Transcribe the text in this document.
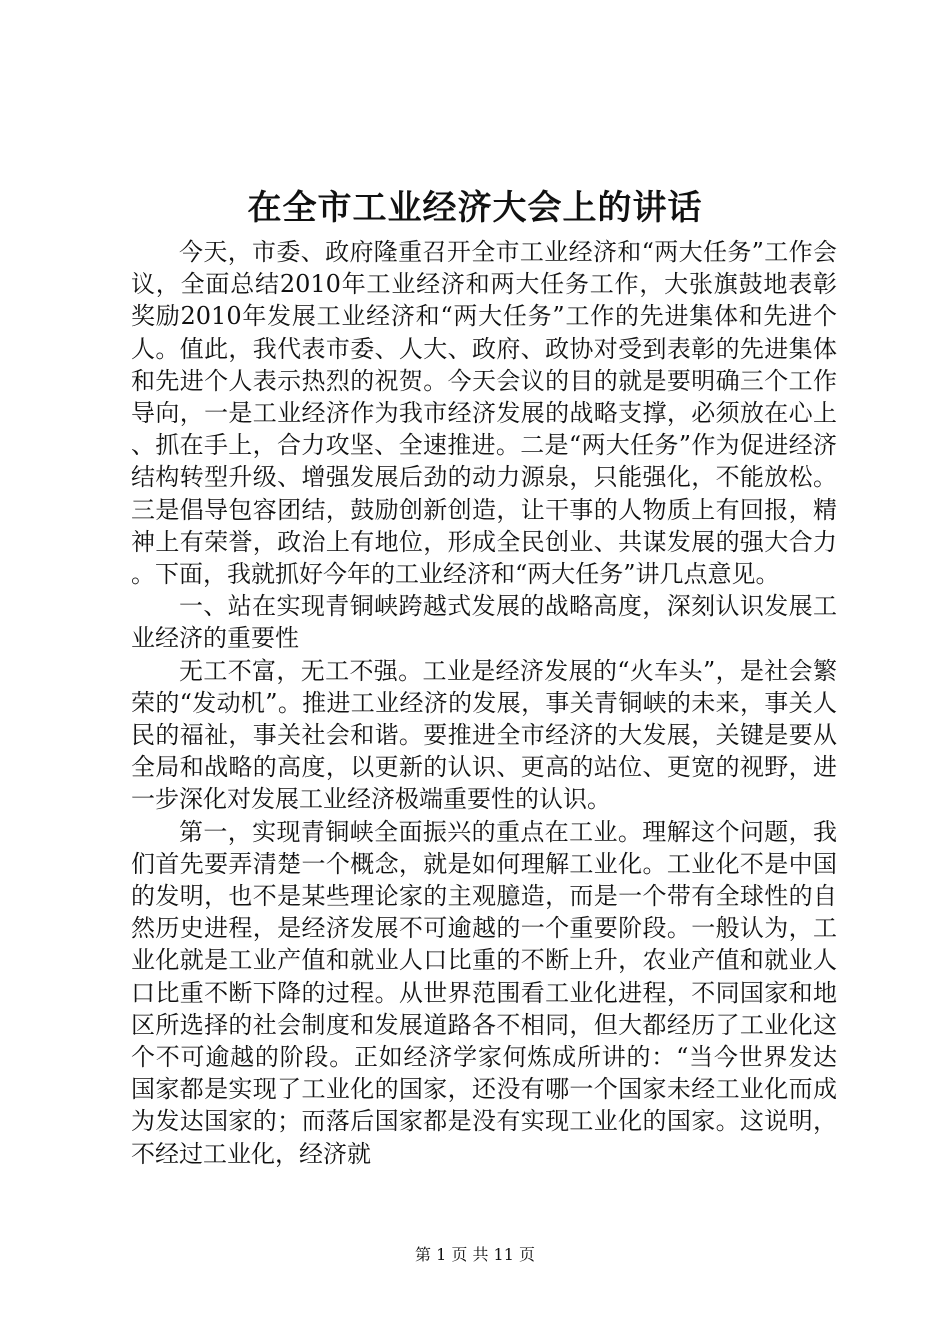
在全市工业经济大会上的讲话

今天，市委、政府隆重召开全市工业经济和“两大任务”工作会议，全面总结2010年工业经济和两大任务工作，大张旗鼓地表彰奖励2010年发展工业经济和“两大任务”工作的先进集体和先进个人。值此，我代表市委、人大、政府、政协对受到表彰的先进集体和先进个人表示热烈的祝贺。今天会议的目的就是要明确三个工作导向，一是工业经济作为我市经济发展的战略支撑，必须放在心上、抓在手上，合力攻坚、全速推进。二是“两大任务”作为促进经济结构转型升级、增强发展后劲的动力源泉，只能强化，不能放松。三是倡导包容团结，鼓励创新创造，让干事的人物质上有回报，精神上有荣誉，政治上有地位，形成全民创业、共谋发展的强大合力。下面，我就抓好今年的工业经济和“两大任务”讲几点意见。

一、站在实现青铜峡跨越式发展的战略高度，深刻认识发展工业经济的重要性

无工不富，无工不强。工业是经济发展的“火车头”，是社会繁荣的“发动机”。推进工业经济的发展，事关青铜峡的未来，事关人民的福祉，事关社会和谐。要推进全市经济的大发展，关键是要从全局和战略的高度，以更新的认识、更高的站位、更宽的视野，进一步深化对发展工业经济极端重要性的认识。

第一，实现青铜峡全面振兴的重点在工业。理解这个问题，我们首先要弄清楚一个概念，就是如何理解工业化。工业化不是中国的发明，也不是某些理论家的主观臆造，而是一个带有全球性的自然历史进程，是经济发展不可逾越的一个重要阶段。一般认为，工业化就是工业产值和就业人口比重的不断上升，农业产值和就业人口比重不断下降的过程。从世界范围看工业化进程，不同国家和地区所选择的社会制度和发展道路各不相同，但大都经历了工业化这个不可逾越的阶段。正如经济学家何炼成所讲的：“当今世界发达国家都是实现了工业化的国家，还没有哪一个国家未经工业化而成为发达国家的；而落后国家都是没有实现工业化的国家。这说明，不经过工业化，经济就

第 1 页 共 11 页
